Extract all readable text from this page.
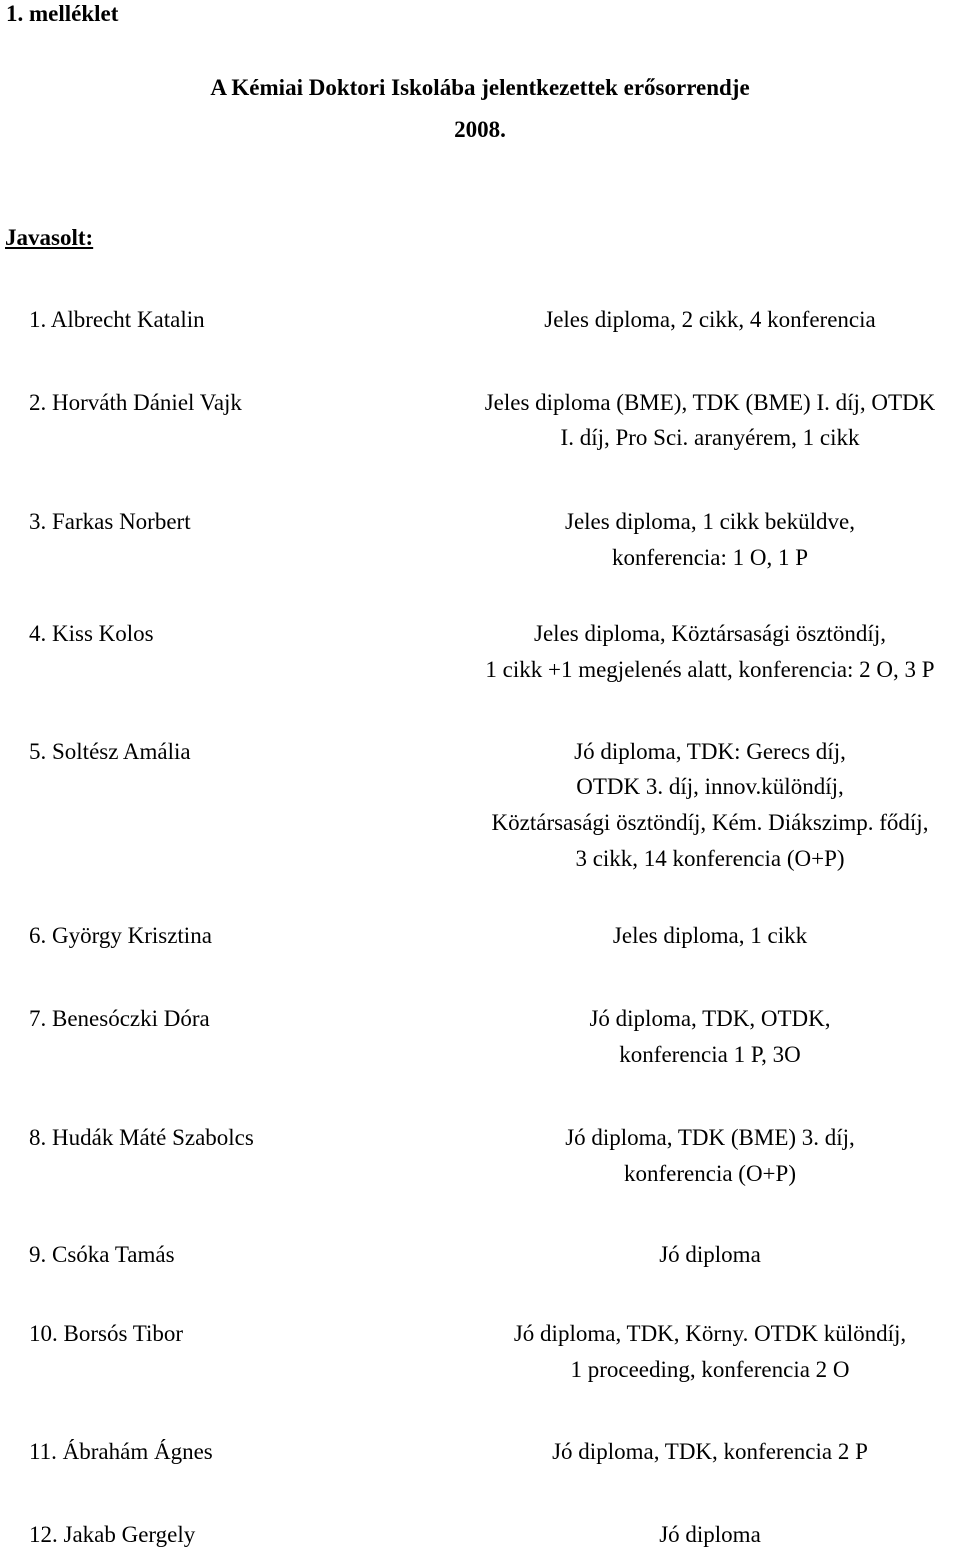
1. melléklet
A Kémiai Doktori Iskolába jelentkezettek erősorrendje
2008.
Javasolt:
1. Albrecht Katalin	Jeles diploma, 2 cikk, 4 konferencia
2. Horváth Dániel Vajk	Jeles diploma (BME), TDK (BME) I. díj, OTDK
I. díj, Pro Sci. aranyérem, 1 cikk
3. Farkas Norbert	Jeles diploma, 1 cikk beküldve,
konferencia: 1 O, 1 P
4. Kiss Kolos	Jeles diploma, Köztársasági ösztöndíj,
1 cikk +1 megjelenés alatt, konferencia: 2 O, 3 P
5. Soltész Amália	Jó diploma, TDK: Gerecs díj,
OTDK 3. díj, innov.különdíj,
Köztársasági ösztöndíj, Kém. Diákszimp. fődíj,
3 cikk, 14 konferencia (O+P)
6. György Krisztina	Jeles diploma, 1 cikk
7. Benesóczki Dóra	Jó diploma, TDK, OTDK,
konferencia 1 P, 3O
8. Hudák Máté Szabolcs	Jó diploma, TDK (BME) 3. díj,
konferencia (O+P)
9. Csóka Tamás	Jó diploma
10. Borsós Tibor	Jó diploma, TDK, Körny. OTDK különdíj,
1 proceeding, konferencia 2 O
11. Ábrahám Ágnes	Jó diploma, TDK, konferencia 2 P
12. Jakab Gergely	Jó diploma
